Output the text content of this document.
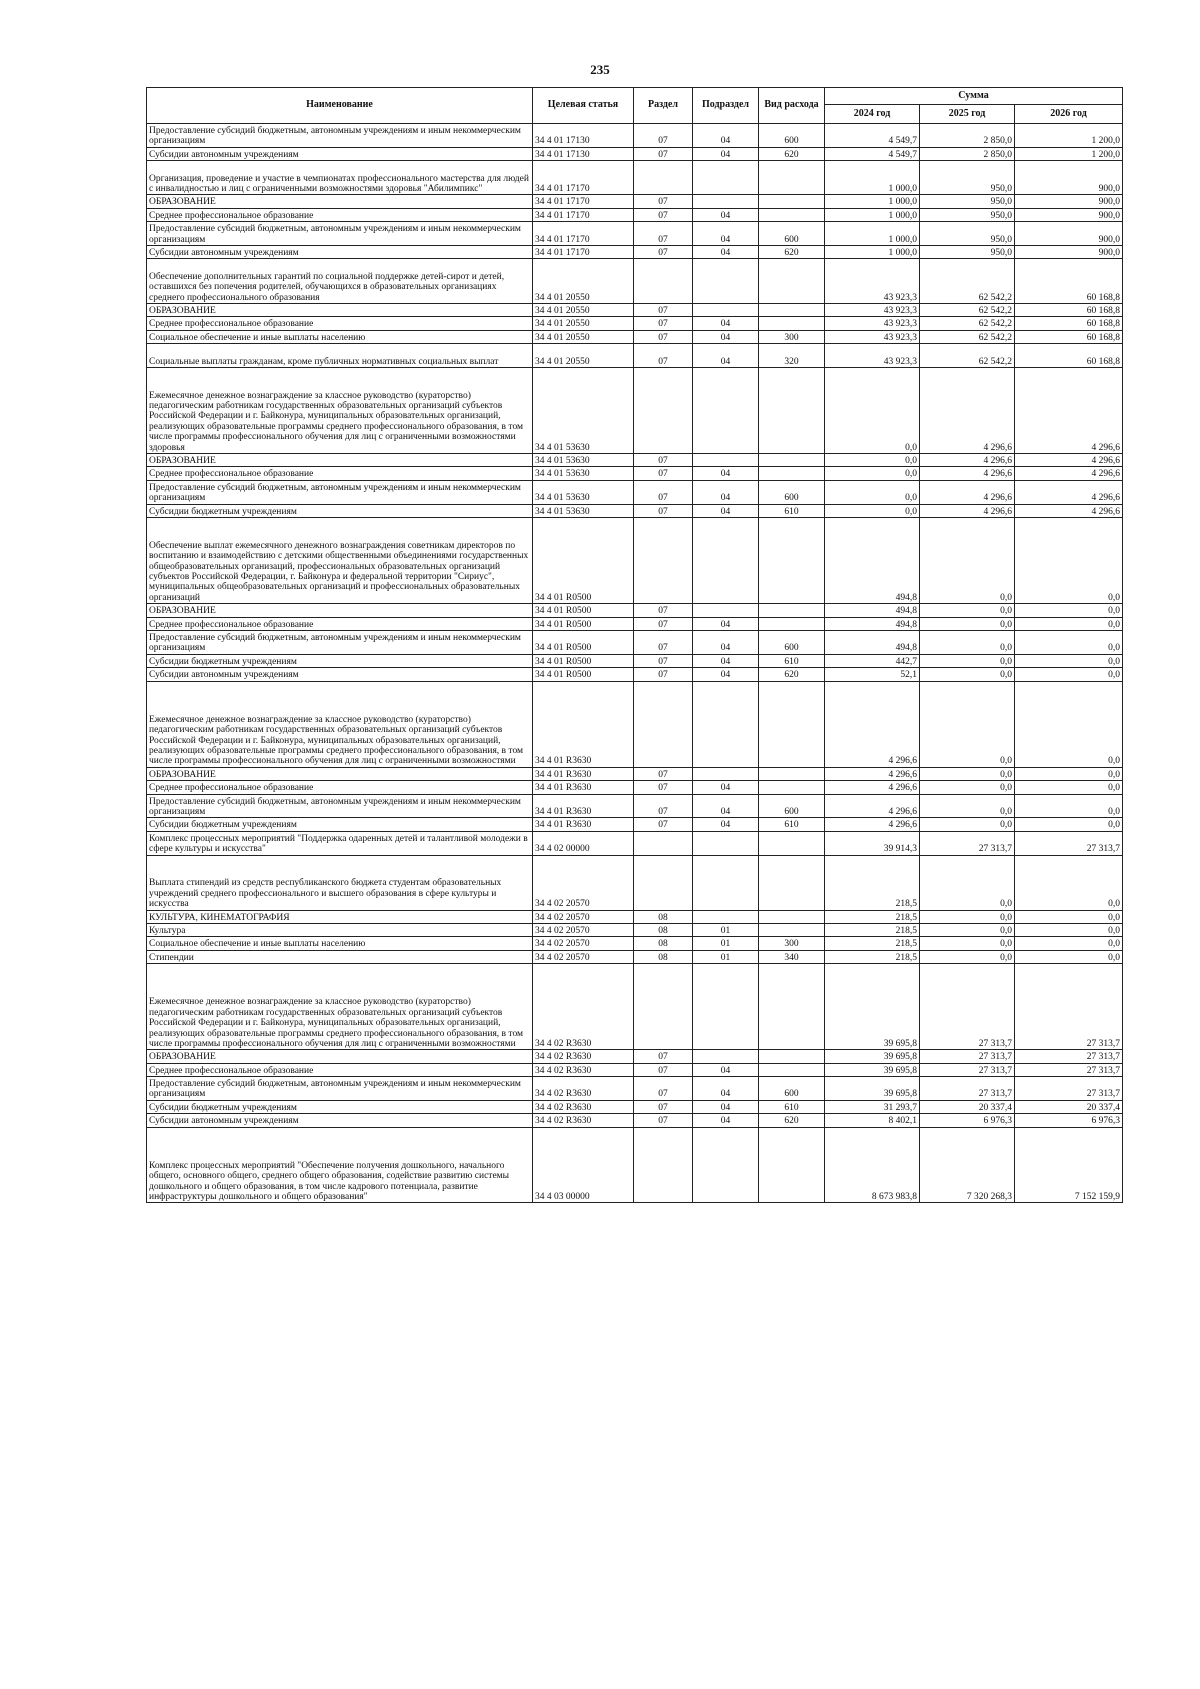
235
Наименование	Целевая статья	Раздел	Подраздел	Вид расхода	Сумма		
					2024 год	2025 год	2026 год
Предоставление субсидий бюджетным, автономным учреждениям и иным некоммерческим организациям	34 4 01 17130	07	04	600	4 549,7	2 850,0	1 200,0
Субсидии автономным учреждениям	34 4 01 17130	07	04	620	4 549,7	2 850,0	1 200,0
Организация, проведение и участие в чемпионатах профессионального мастерства для людей с инвалидностью и лиц с ограниченными возможностями здоровья "Абилимпикс"	34 4 01 17170				1 000,0	950,0	900,0
ОБРАЗОВАНИЕ	34 4 01 17170	07			1 000,0	950,0	900,0
Среднее профессиональное образование	34 4 01 17170	07	04		1 000,0	950,0	900,0
Предоставление субсидий бюджетным, автономным учреждениям и иным некоммерческим организациям	34 4 01 17170	07	04	600	1 000,0	950,0	900,0
Субсидии автономным учреждениям	34 4 01 17170	07	04	620	1 000,0	950,0	900,0
Обеспечение дополнительных гарантий по социальной поддержке детей-сирот и детей, оставшихся без попечения родителей, обучающихся в образовательных организациях среднего профессионального образования	34 4 01 20550				43 923,3	62 542,2	60 168,8
ОБРАЗОВАНИЕ	34 4 01 20550	07			43 923,3	62 542,2	60 168,8
Среднее профессиональное образование	34 4 01 20550	07	04		43 923,3	62 542,2	60 168,8
Социальное обеспечение и иные выплаты населению	34 4 01 20550	07	04	300	43 923,3	62 542,2	60 168,8
Социальные выплаты гражданам, кроме публичных нормативных социальных выплат	34 4 01 20550	07	04	320	43 923,3	62 542,2	60 168,8
Ежемесячное денежное вознаграждение за классное руководство (кураторство) педагогическим работникам государственных образовательных организаций субъектов Российской Федерации и г. Байконура, муниципальных образовательных организаций, реализующих образовательные программы среднего профессионального образования, в том числе программы профессионального обучения для лиц с ограниченными возможностями здоровья	34 4 01 53630				0,0	4 296,6	4 296,6
ОБРАЗОВАНИЕ	34 4 01 53630	07			0,0	4 296,6	4 296,6
Среднее профессиональное образование	34 4 01 53630	07	04		0,0	4 296,6	4 296,6
Предоставление субсидий бюджетным, автономным учреждениям и иным некоммерческим организациям	34 4 01 53630	07	04	600	0,0	4 296,6	4 296,6
Субсидии бюджетным учреждениям	34 4 01 53630	07	04	610	0,0	4 296,6	4 296,6
Обеспечение выплат ежемесячного денежного вознаграждения советникам директоров по воспитанию и взаимодействию с детскими общественными объединениями государственных общеобразовательных организаций, профессиональных образовательных организаций субъектов Российской Федерации, г. Байконура и федеральной территории "Сириус", муниципальных общеобразовательных организаций и профессиональных образовательных организаций	34 4 01 R0500				494,8	0,0	0,0
ОБРАЗОВАНИЕ	34 4 01 R0500	07			494,8	0,0	0,0
Среднее профессиональное образование	34 4 01 R0500	07	04		494,8	0,0	0,0
Предоставление субсидий бюджетным, автономным учреждениям и иным некоммерческим организациям	34 4 01 R0500	07	04	600	494,8	0,0	0,0
Субсидии бюджетным учреждениям	34 4 01 R0500	07	04	610	442,7	0,0	0,0
Субсидии автономным учреждениям	34 4 01 R0500	07	04	620	52,1	0,0	0,0
Ежемесячное денежное вознаграждение за классное руководство (кураторство) педагогическим работникам государственных образовательных организаций субъектов Российской Федерации и г. Байконура, муниципальных образовательных организаций, реализующих образовательные программы среднего профессионального образования, в том числе программы профессионального обучения для лиц с ограниченными возможностями	34 4 01 R3630				4 296,6	0,0	0,0
ОБРАЗОВАНИЕ	34 4 01 R3630	07			4 296,6	0,0	0,0
Среднее профессиональное образование	34 4 01 R3630	07	04		4 296,6	0,0	0,0
Предоставление субсидий бюджетным, автономным учреждениям и иным некоммерческим организациям	34 4 01 R3630	07	04	600	4 296,6	0,0	0,0
Субсидии бюджетным учреждениям	34 4 01 R3630	07	04	610	4 296,6	0,0	0,0
Комплекс процессных мероприятий "Поддержка одаренных детей и талантливой молодежи в сфере культуры и искусства"	34 4 02 00000				39 914,3	27 313,7	27 313,7
Выплата стипендий из средств республиканского бюджета студентам образовательных учреждений среднего профессионального и высшего образования в сфере культуры и искусства	34 4 02 20570				218,5	0,0	0,0
КУЛЬТУРА, КИНЕМАТОГРАФИЯ	34 4 02 20570	08			218,5	0,0	0,0
Культура	34 4 02 20570	08	01		218,5	0,0	0,0
Социальное обеспечение и иные выплаты населению	34 4 02 20570	08	01	300	218,5	0,0	0,0
Стипендии	34 4 02 20570	08	01	340	218,5	0,0	0,0
Ежемесячное денежное вознаграждение за классное руководство (кураторство) педагогическим работникам государственных образовательных организаций субъектов Российской Федерации и г. Байконура, муниципальных образовательных организаций, реализующих образовательные программы среднего профессионального образования, в том числе программы профессионального обучения для лиц с ограниченными возможностями	34 4 02 R3630				39 695,8	27 313,7	27 313,7
ОБРАЗОВАНИЕ	34 4 02 R3630	07			39 695,8	27 313,7	27 313,7
Среднее профессиональное образование	34 4 02 R3630	07	04		39 695,8	27 313,7	27 313,7
Предоставление субсидий бюджетным, автономным учреждениям и иным некоммерческим организациям	34 4 02 R3630	07	04	600	39 695,8	27 313,7	27 313,7
Субсидии бюджетным учреждениям	34 4 02 R3630	07	04	610	31 293,7	20 337,4	20 337,4
Субсидии автономным учреждениям	34 4 02 R3630	07	04	620	8 402,1	6 976,3	6 976,3
Комплекс процессных мероприятий "Обеспечение получения дошкольного, начального общего, основного общего, среднего общего образования, содействие развитию системы дошкольного и общего образования, в том числе кадрового потенциала, развитие инфраструктуры дошкольного и общего образования"	34 4 03 00000				8 673 983,8	7 320 268,3	7 152 159,9
